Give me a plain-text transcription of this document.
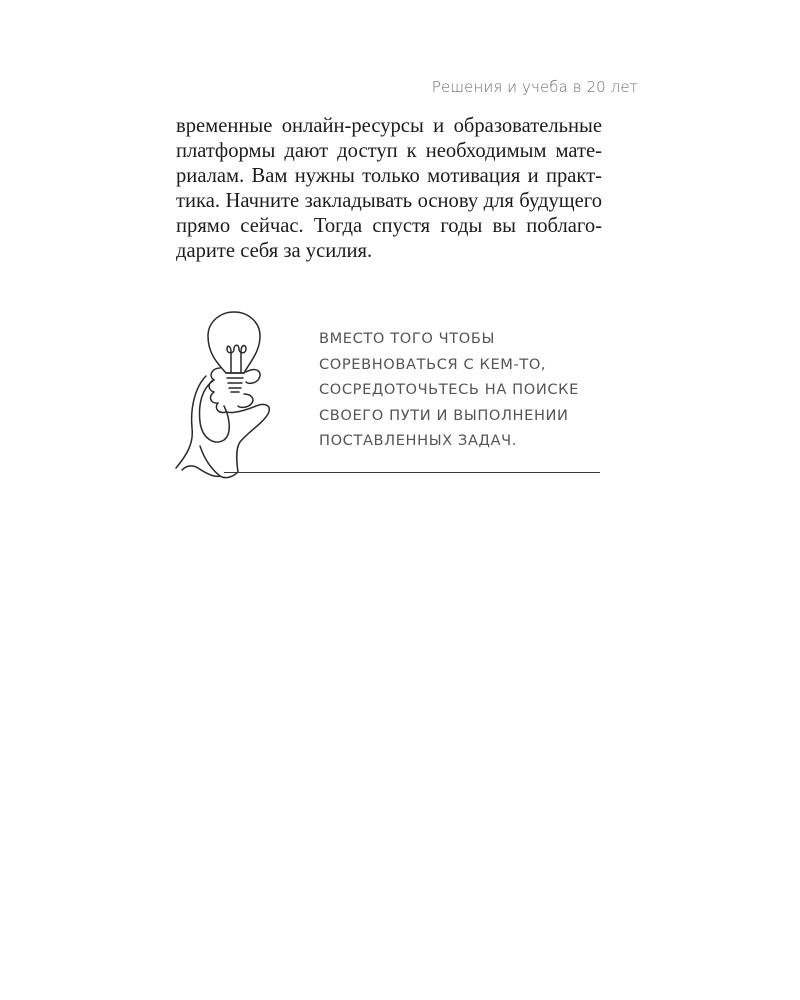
Решения и учеба в 20 лет
временные онлайн-ресурсы и образовательные
платформы дают доступ к необходимым мате-
риалам. Вам нужны только мотивация и практ-
тика. Начните закладывать основу для будущего
прямо сейчас. Тогда спустя годы вы поблаго-
дарите себя за усилия.
ВМЕСТО ТОГО ЧТОБЫ
СОРЕВНОВАТЬСЯ С КЕМ-ТО,
СОСРЕДОТОЧЬТЕСЬ НА ПОИСКЕ
СВОЕГО ПУТИ И ВЫПОЛНЕНИИ
ПОСТАВЛЕННЫХ ЗАДАЧ.
